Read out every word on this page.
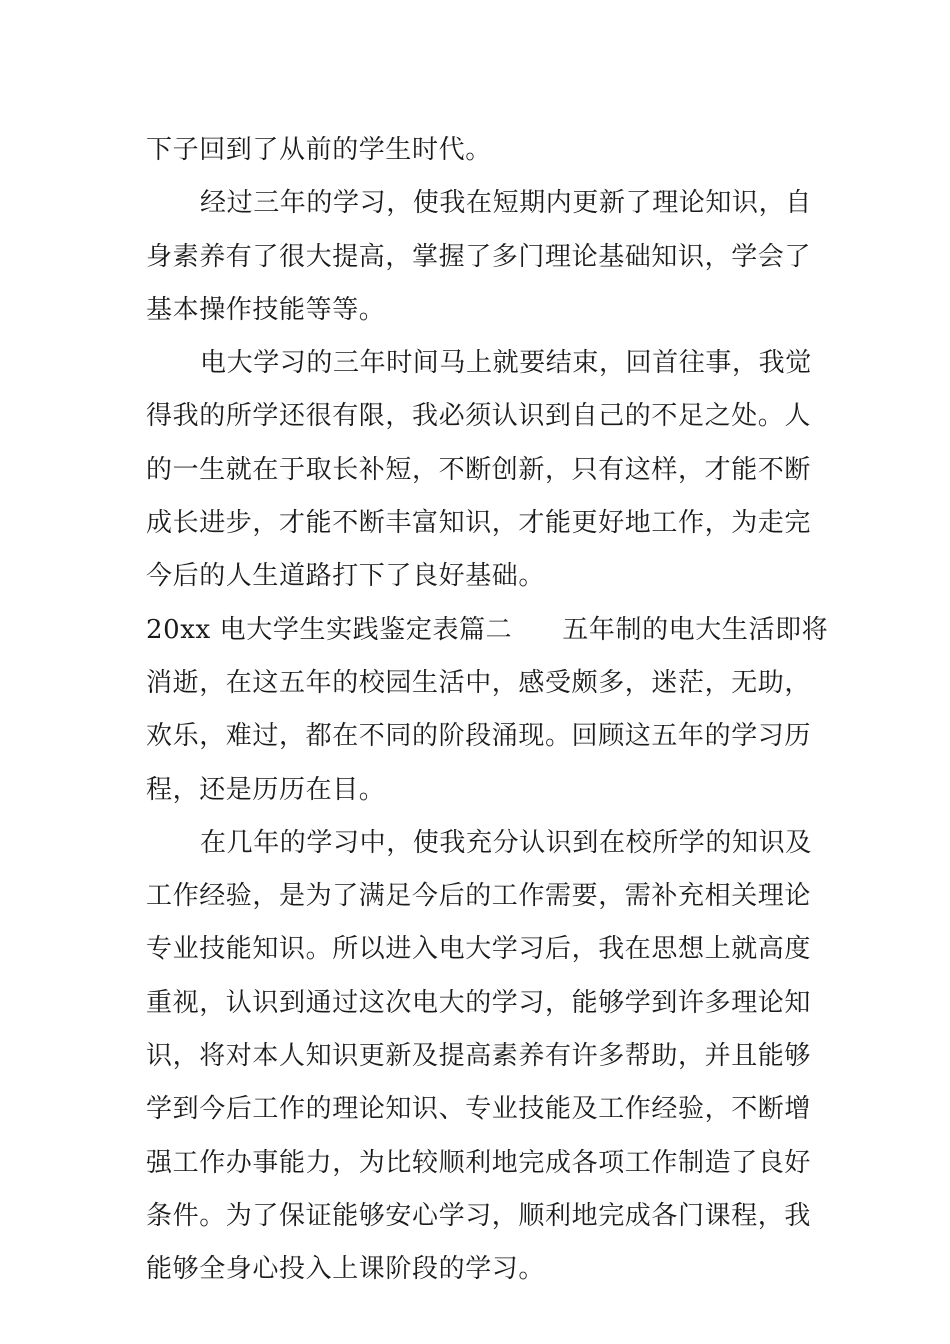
下子回到了从前的学生时代。
经过三年的学习，使我在短期内更新了理论知识，自
身素养有了很大提高，掌握了多门理论基础知识，学会了
基本操作技能等等。
电大学习的三年时间马上就要结束，回首往事，我觉
得我的所学还很有限，我必须认识到自己的不足之处。人
的一生就在于取长补短，不断创新，只有这样，才能不断
成长进步，才能不断丰富知识，才能更好地工作，为走完
今后的人生道路打下了良好基础。
20xx 电大学生实践鉴定表篇二 五年制的电大生活即将
消逝，在这五年的校园生活中，感受颇多，迷茫，无助，
欢乐，难过，都在不同的阶段涌现。回顾这五年的学习历
程，还是历历在目。
在几年的学习中，使我充分认识到在校所学的知识及
工作经验，是为了满足今后的工作需要，需补充相关理论
专业技能知识。所以进入电大学习后，我在思想上就高度
重视，认识到通过这次电大的学习，能够学到许多理论知
识，将对本人知识更新及提高素养有许多帮助，并且能够
学到今后工作的理论知识、专业技能及工作经验，不断增
强工作办事能力，为比较顺利地完成各项工作制造了良好
条件。为了保证能够安心学习，顺利地完成各门课程，我
能够全身心投入上课阶段的学习。
